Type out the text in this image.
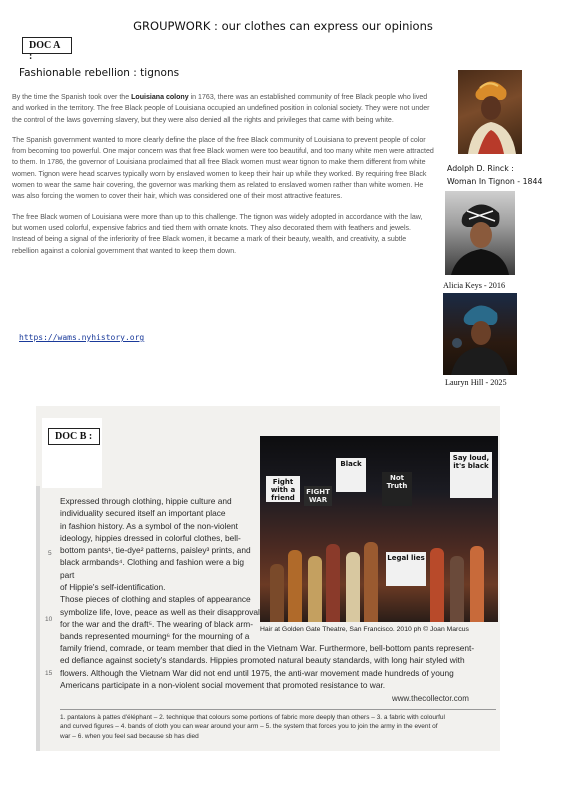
GROUPWORK : our clothes can express our opinions
DOC A :
Fashionable rebellion : tignons

By the time the Spanish took over the Louisiana colony in 1763, there was an established community of free Black people who lived and worked in the territory. The free Black people of Louisiana occupied an undefined position in colonial society. They were not under the control of the laws governing slavery, but they were also denied all the rights and privileges that came with being white.

The Spanish government wanted to more clearly define the place of the free Black community of Louisiana to prevent people of color from becoming too powerful. One major concern was that free Black women were too beautiful, and too many white men were attracted to them. In 1786, the governor of Louisiana proclaimed that all free Black women must wear tignon to make them different from white women. Tignon were head scarves typically worn by enslaved women to keep their hair up while they worked. By requiring free Black women to wear the same hair covering, the governor was marking them as related to enslaved women rather than white women. He was also forcing the women to cover their hair, which was considered one of their most attractive features.

The free Black women of Louisiana were more than up to this challenge. The tignon was widely adopted in accordance with the law, but women used colorful, expensive fabrics and tied them with ornate knots. They also decorated them with feathers and jewels. Instead of being a signal of the inferiority of free Black women, it became a mark of their beauty, wealth, and creativity, a subtle rebellion against a colonial government that wanted to keep them down.

https://wams.nyhistory.org
Adolph D. Rinck :
Woman In Tignon - 1844
Alicia Keys - 2016
Lauryn Hill - 2025
DOC B :
Fight with a friend
FIGHT WAR
Black
Not Truth
Say loud, it's black
Legal lies
Hair at Golden Gate Theatre, San Francisco. 2010 ph © Joan Marcus
Expressed through clothing, hippie culture and
individuality secured itself an important place
in fashion history. As a symbol of the non-violent
ideology, hippies dressed in colorful clothes, bell-
bottom pants¹, tie-dye² patterns, paisley³ prints, and
black armbands⁴. Clothing and fashion were a big part
of Hippie's self-identification.
Those pieces of clothing and staples of appearance
symbolize life, love, peace as well as their disapproval
for the war and the draft⁵. The wearing of black arm-
bands represented mourning⁶ for the mourning of a
family friend, comrade, or team member that died in the Vietnam War. Furthermore, bell-bottom pants represent-
ed defiance against society's standards. Hippies promoted natural beauty standards, with long hair styled with
flowers. Although the Vietnam War did not end until 1975, the anti-war movement made hundreds of young
Americans participate in a non-violent social movement that promoted resistance to war.
5
10
15
www.thecollector.com
1. pantalons à pattes d'éléphant – 2. technique that colours some portions of fabric more deeply than others – 3. a fabric with colourful
and curved figures – 4. bands of cloth you can wear around your arm – 5. the system that forces you to join the army in the event of
war – 6. when you feel sad because sb has died
